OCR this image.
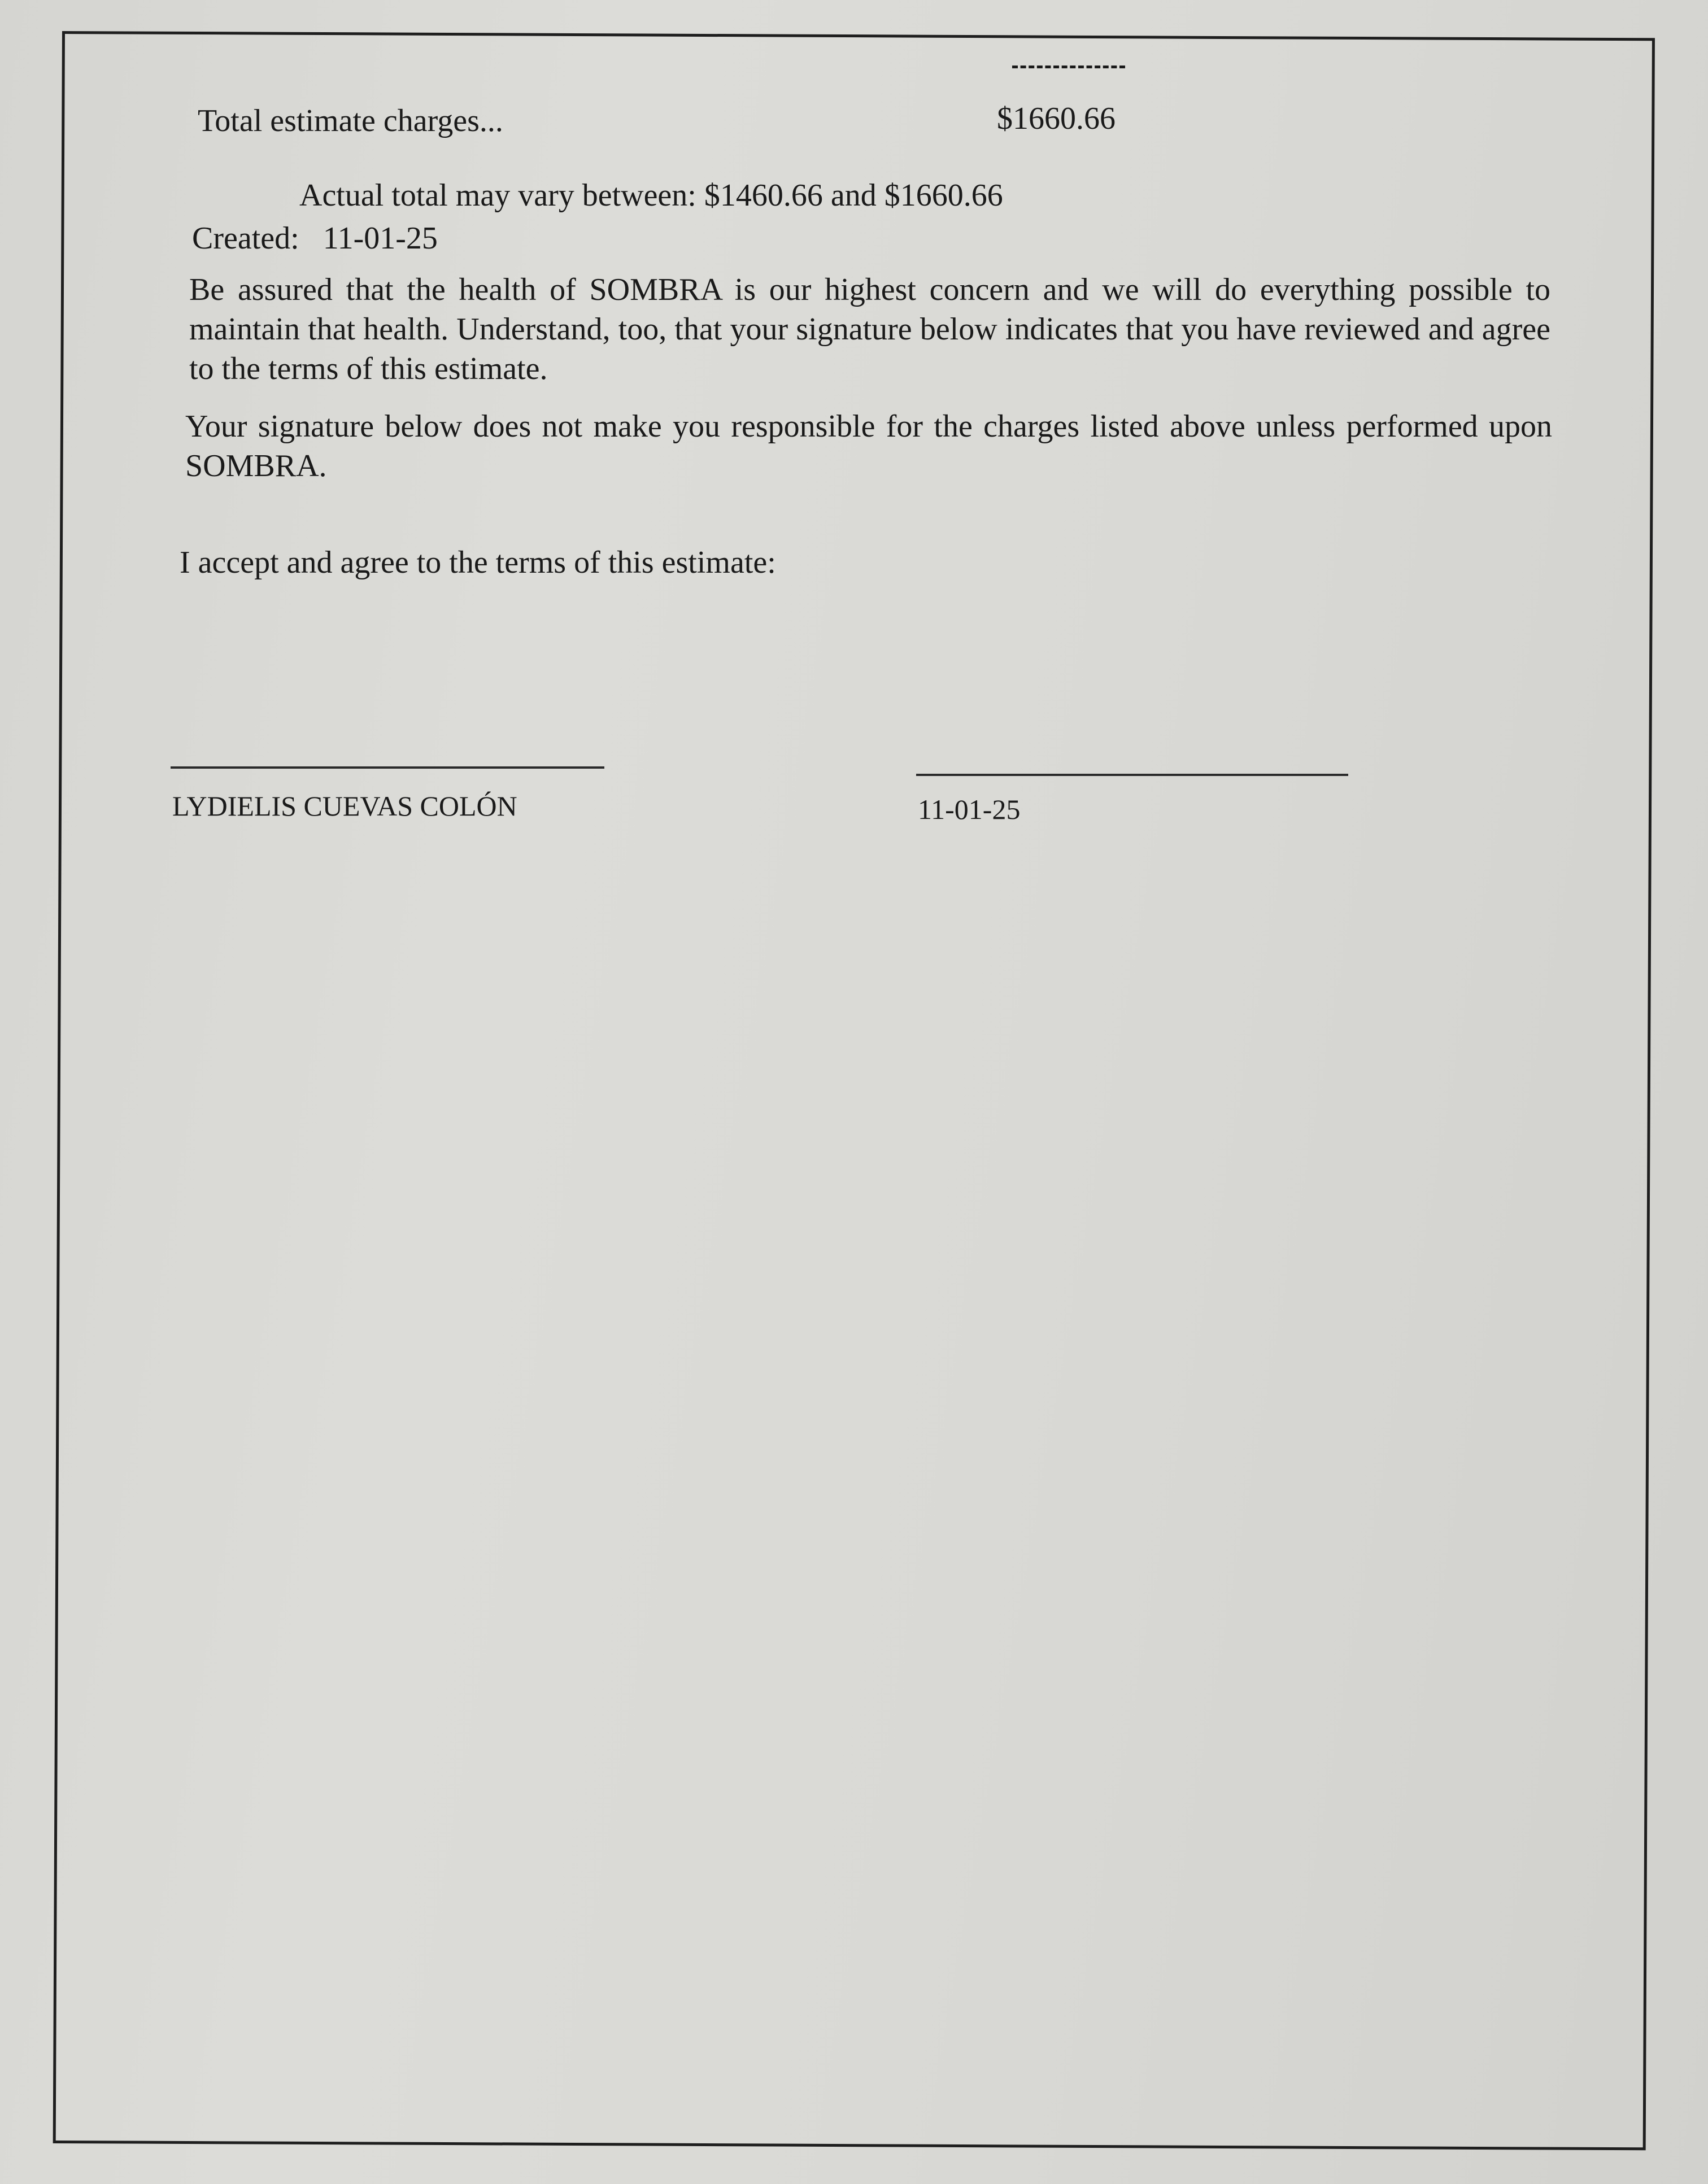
Total estimate charges...	$1660.66
Actual total may vary between: $1460.66 and $1660.66
Created: 11-01-25
Be assured that the health of SOMBRA is our highest concern and we will do everything possible to maintain that health. Understand, too, that your signature below indicates that you have reviewed and agree to the terms of this estimate.
Your signature below does not make you responsible for the charges listed above unless performed upon SOMBRA.
I accept and agree to the terms of this estimate:
LYDIELIS CUEVAS COLÓN	11-01-25
